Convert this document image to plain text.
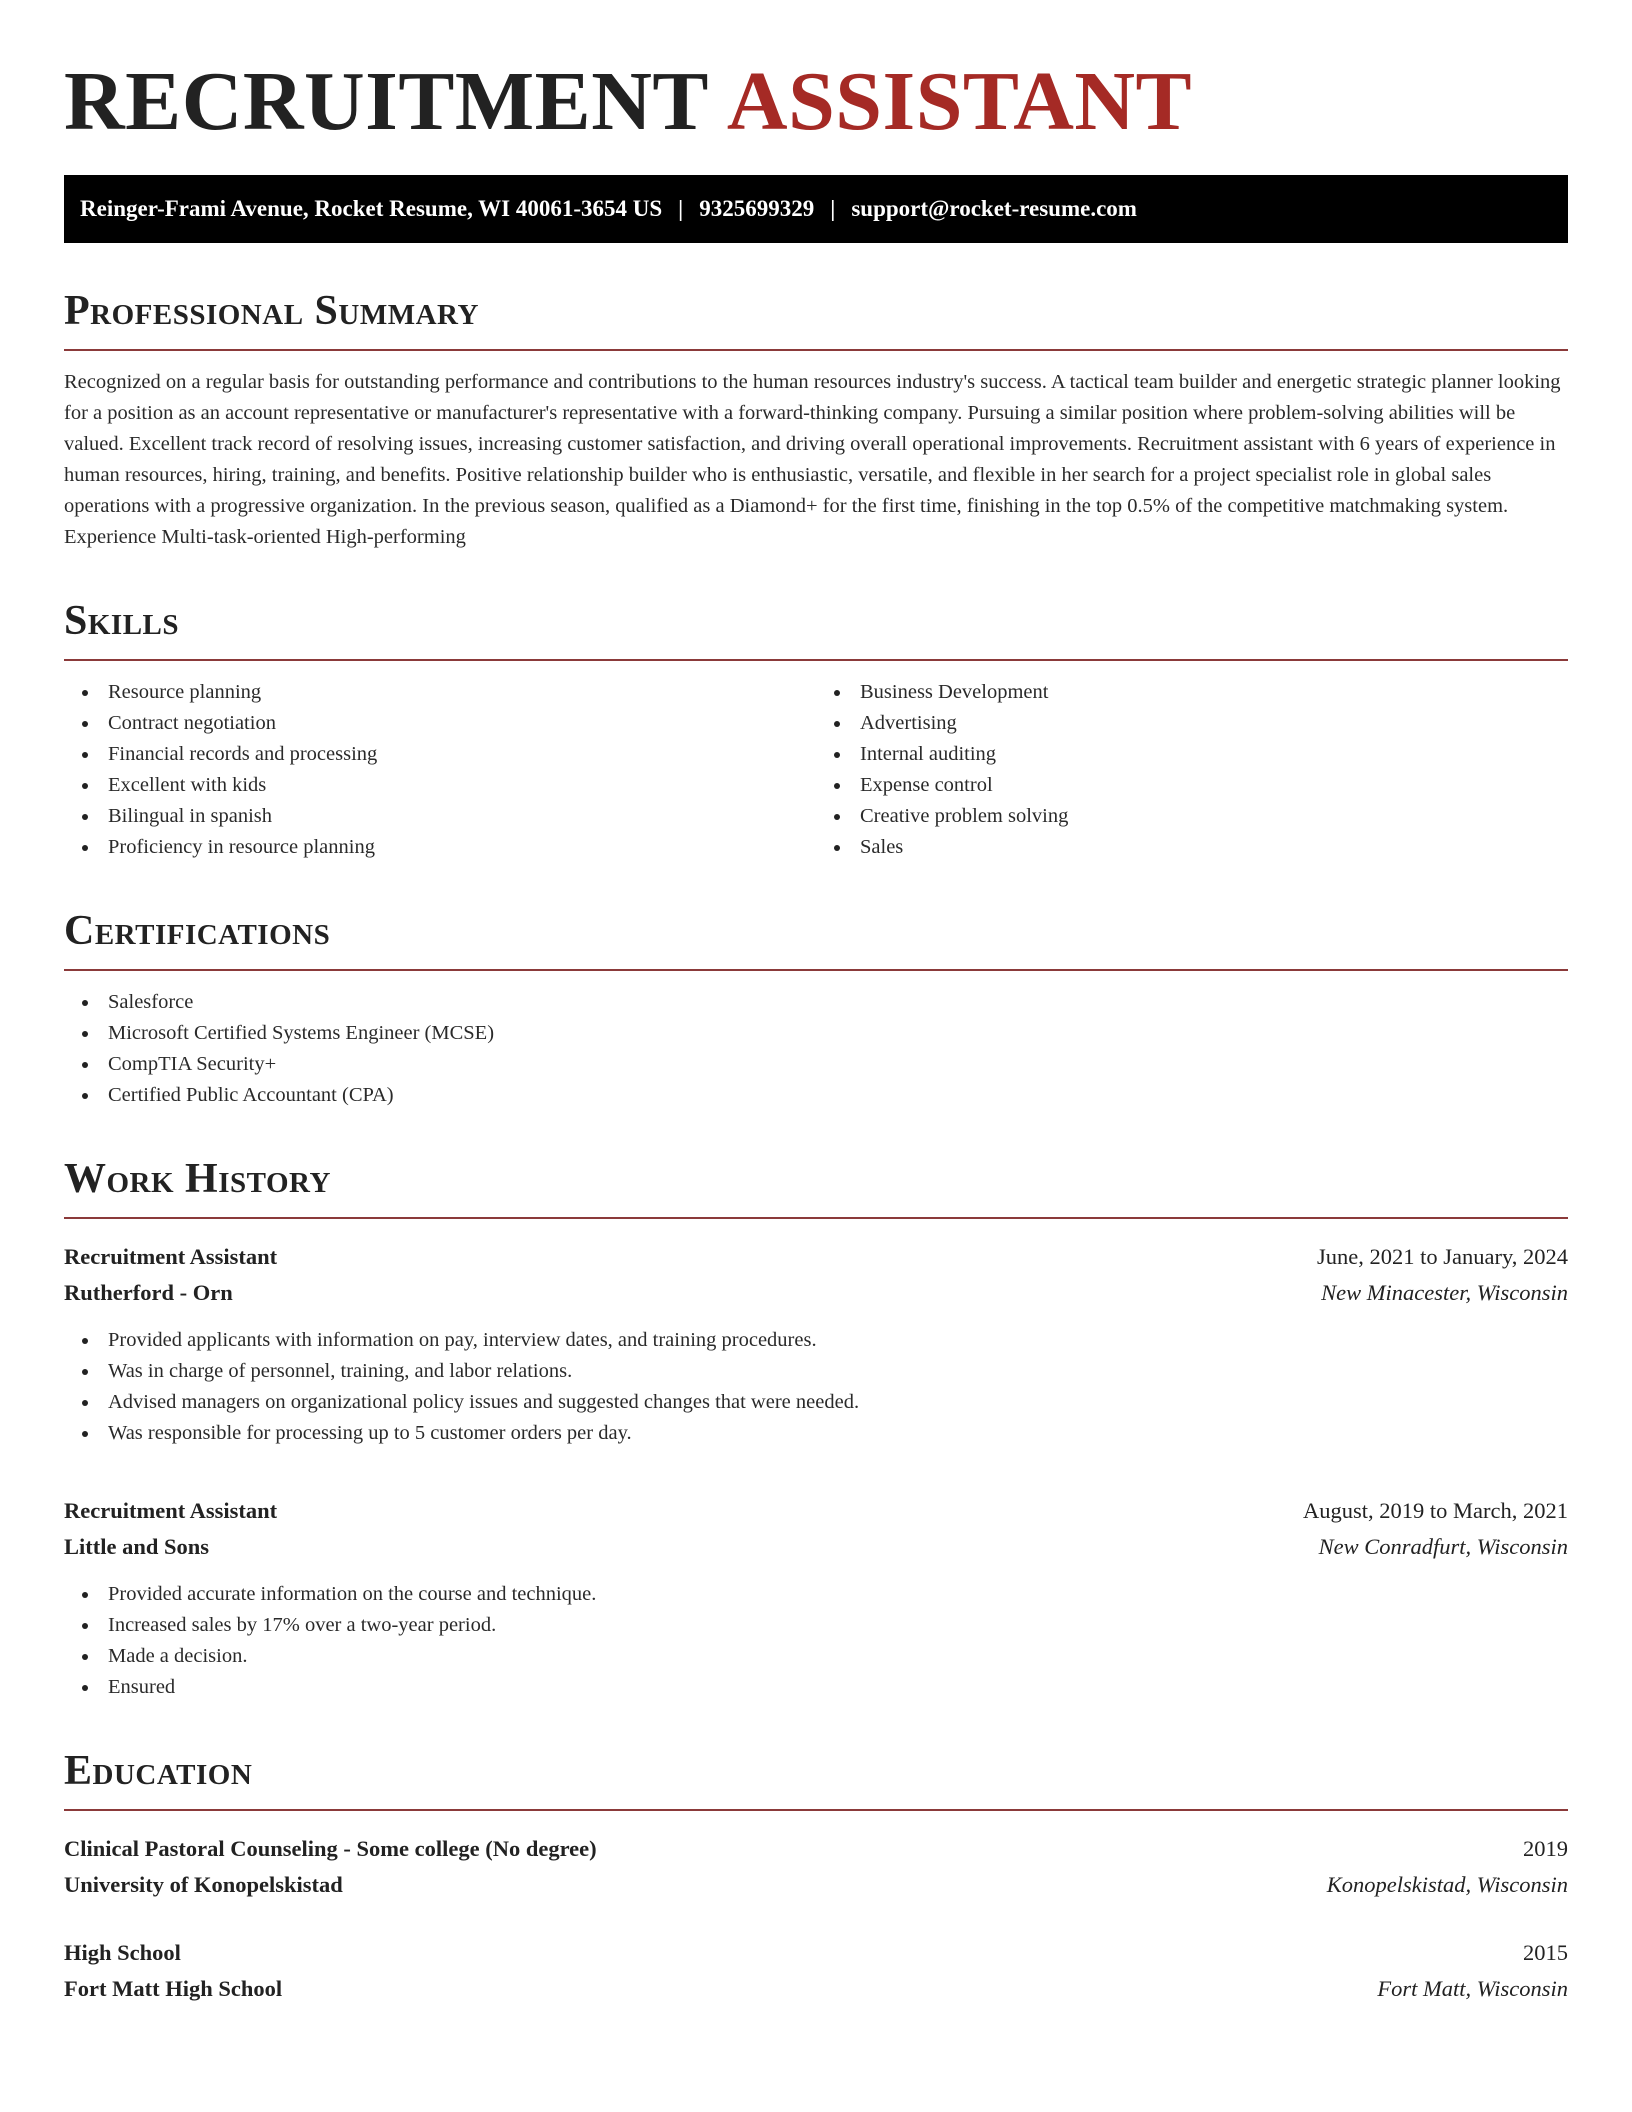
RECRUITMENT ASSISTANT
Reinger-Frami Avenue, Rocket Resume, WI 40061-3654 US | 9325699329 | support@rocket-resume.com
Professional Summary

Recognized on a regular basis for outstanding performance and contributions to the human resources industry's success. A tactical team builder and energetic strategic planner looking for a position as an account representative or manufacturer's representative with a forward-thinking company. Pursuing a similar position where problem-solving abilities will be valued. Excellent track record of resolving issues, increasing customer satisfaction, and driving overall operational improvements. Recruitment assistant with 6 years of experience in human resources, hiring, training, and benefits. Positive relationship builder who is enthusiastic, versatile, and flexible in her search for a project specialist role in global sales operations with a progressive organization. In the previous season, qualified as a Diamond+ for the first time, finishing in the top 0.5% of the competitive matchmaking system. Experience Multi-task-oriented High-performing

Skills
Resource planning
Contract negotiation
Financial records and processing
Excellent with kids
Bilingual in spanish
Proficiency in resource planning
Business Development
Advertising
Internal auditing
Expense control
Creative problem solving
Sales
Certifications
Salesforce
Microsoft Certified Systems Engineer (MCSE)
CompTIA Security+
Certified Public Accountant (CPA)
Work History
Recruitment Assistant	June, 2021 to January, 2024
Rutherford - Orn	New Minacester, Wisconsin
Provided applicants with information on pay, interview dates, and training procedures.
Was in charge of personnel, training, and labor relations.
Advised managers on organizational policy issues and suggested changes that were needed.
Was responsible for processing up to 5 customer orders per day.
Recruitment Assistant	August, 2019 to March, 2021
Little and Sons	New Conradfurt, Wisconsin
Provided accurate information on the course and technique.
Increased sales by 17% over a two-year period.
Made a decision.
Ensured
Education
Clinical Pastoral Counseling - Some college (No degree)	2019
University of Konopelskistad	Konopelskistad, Wisconsin
High School	2015
Fort Matt High School	Fort Matt, Wisconsin
